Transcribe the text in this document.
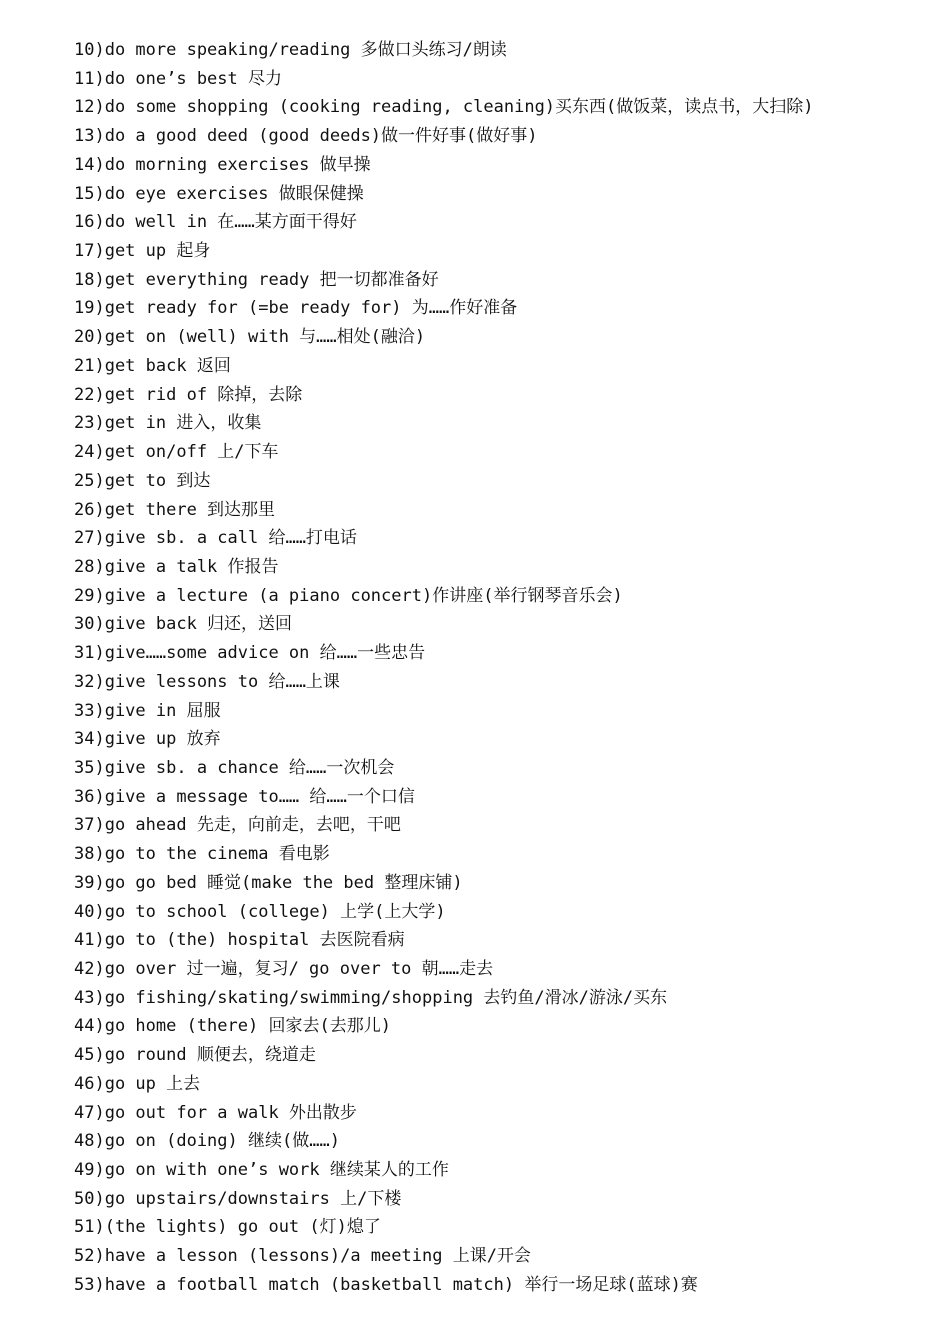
10)do more speaking/reading 多做口头练习/朗读
11)do one’s best 尽力
12)do some shopping (cooking reading, cleaning)买东西(做饭菜，读点书，大扫除)
13)do a good deed (good deeds)做一件好事(做好事)
14)do morning exercises 做早操
15)do eye exercises 做眼保健操
16)do well in 在……某方面干得好
17)get up 起身
18)get everything ready 把一切都准备好
19)get ready for (=be ready for) 为……作好准备
20)get on (well) with 与……相处(融洽)
21)get back 返回
22)get rid of 除掉，去除
23)get in 进入，收集
24)get on/off 上/下车
25)get to 到达
26)get there 到达那里
27)give sb. a call 给……打电话
28)give a talk 作报告
29)give a lecture (a piano concert)作讲座(举行钢琴音乐会)
30)give back 归还，送回
31)give……some advice on 给……一些忠告
32)give lessons to 给……上课
33)give in 屈服
34)give up 放弃
35)give sb. a chance 给……一次机会
36)give a message to…… 给……一个口信
37)go ahead 先走，向前走，去吧，干吧
38)go to the cinema 看电影
39)go go bed 睡觉(make the bed 整理床铺)
40)go to school (college) 上学(上大学)
41)go to (the) hospital 去医院看病
42)go over 过一遍，复习/ go over to 朝……走去
43)go fishing/skating/swimming/shopping 去钓鱼/滑冰/游泳/买东
44)go home (there) 回家去(去那儿)
45)go round 顺便去，绕道走
46)go up 上去
47)go out for a walk 外出散步
48)go on (doing) 继续(做……)
49)go on with one’s work 继续某人的工作
50)go upstairs/downstairs 上/下楼
51)(the lights) go out (灯)熄了
52)have a lesson (lessons)/a meeting 上课/开会
53)have a football match (basketball match) 举行一场足球(蓝球)赛
